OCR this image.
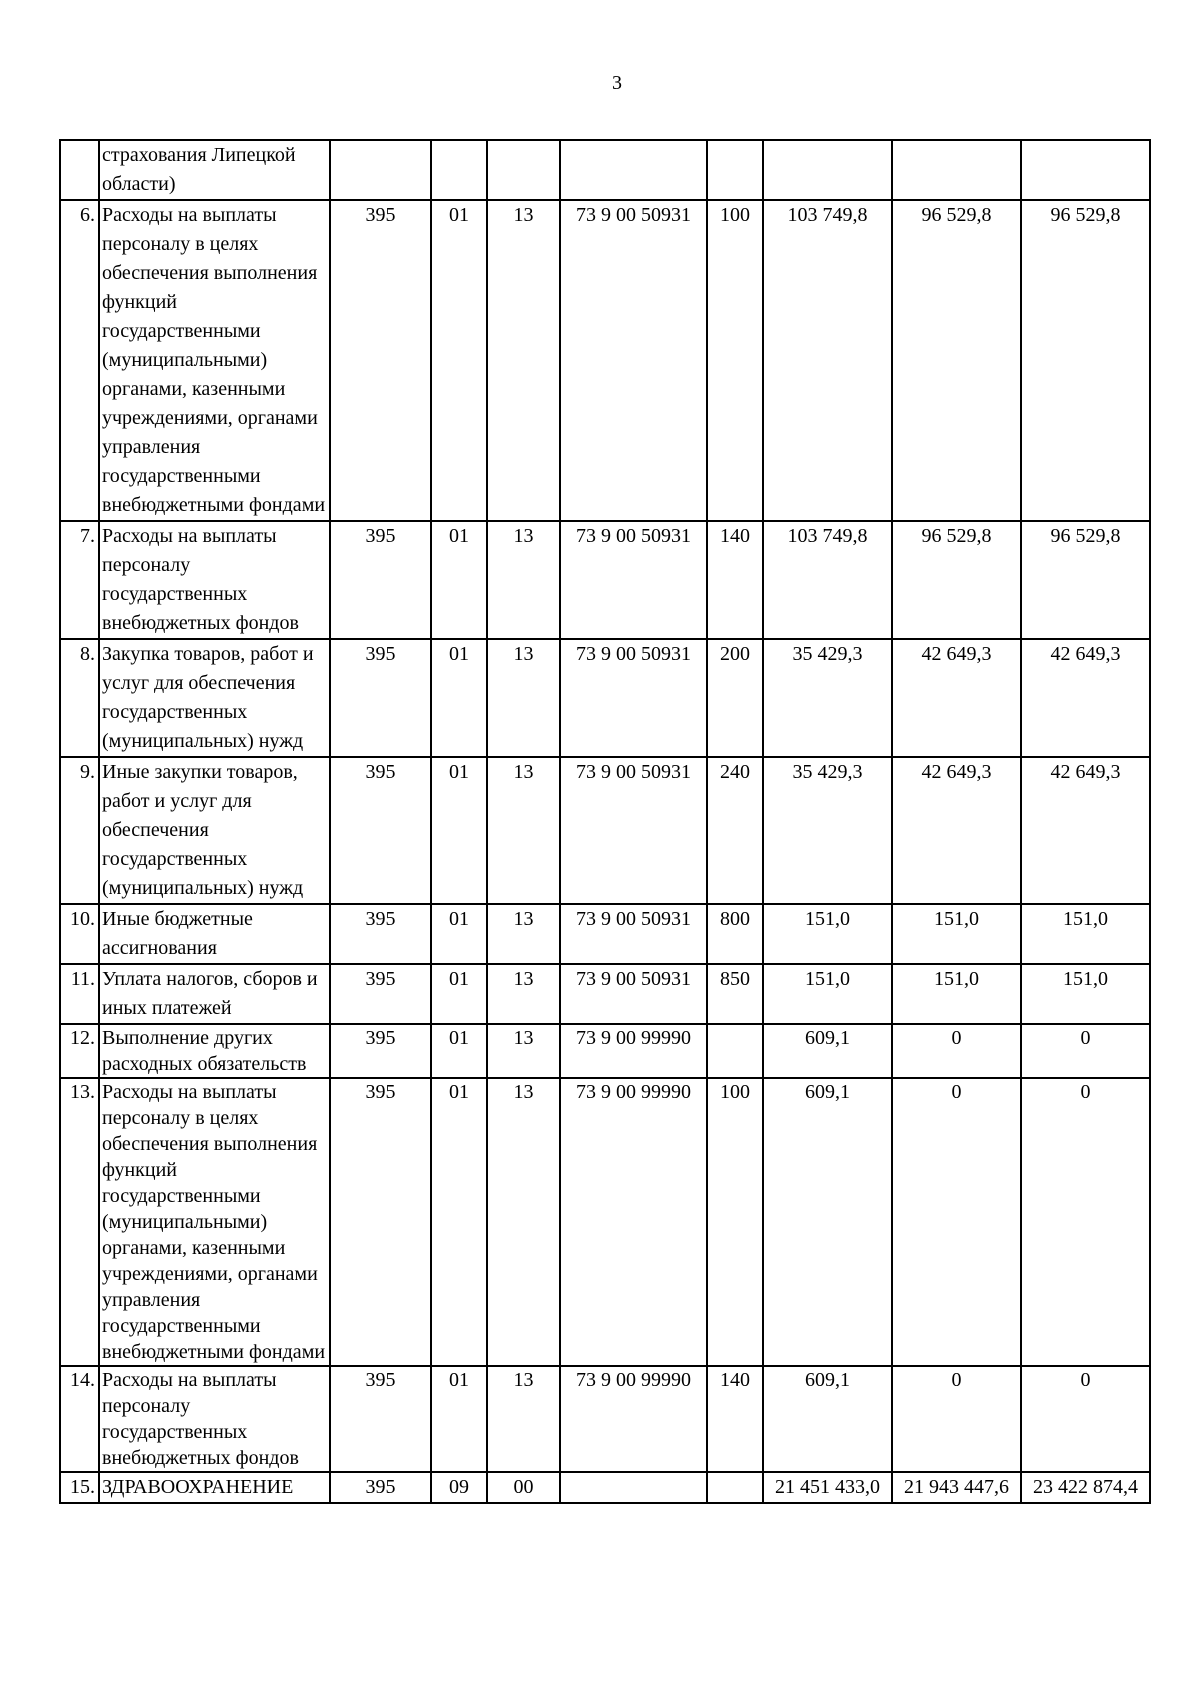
3
	страхования Липецкой области)								
6.	Расходы на выплаты персоналу в целях обеспечения выполнения функций государственными (муниципальными) органами, казенными учреждениями, органами управления государственными внебюджетными фондами	395	01	13	73 9 00 50931	100	103 749,8	96 529,8	96 529,8
7.	Расходы на выплаты персоналу государственных внебюджетных фондов	395	01	13	73 9 00 50931	140	103 749,8	96 529,8	96 529,8
8.	Закупка товаров, работ и услуг для обеспечения государственных (муниципальных) нужд	395	01	13	73 9 00 50931	200	35 429,3	42 649,3	42 649,3
9.	Иные закупки товаров, работ и услуг для обеспечения государственных (муниципальных) нужд	395	01	13	73 9 00 50931	240	35 429,3	42 649,3	42 649,3
10.	Иные бюджетные ассигнования	395	01	13	73 9 00 50931	800	151,0	151,0	151,0
11.	Уплата налогов, сборов и иных платежей	395	01	13	73 9 00 50931	850	151,0	151,0	151,0
12.	Выполнение других расходных обязательств	395	01	13	73 9 00 99990		609,1	0	0
13.	Расходы на выплаты персоналу в целях обеспечения выполнения функций государственными (муниципальными) органами, казенными учреждениями, органами управления государственными внебюджетными фондами	395	01	13	73 9 00 99990	100	609,1	0	0
14.	Расходы на выплаты персоналу государственных внебюджетных фондов	395	01	13	73 9 00 99990	140	609,1	0	0
15.	ЗДРАВООХРАНЕНИЕ	395	09	00			21 451 433,0	21 943 447,6	23 422 874,4
